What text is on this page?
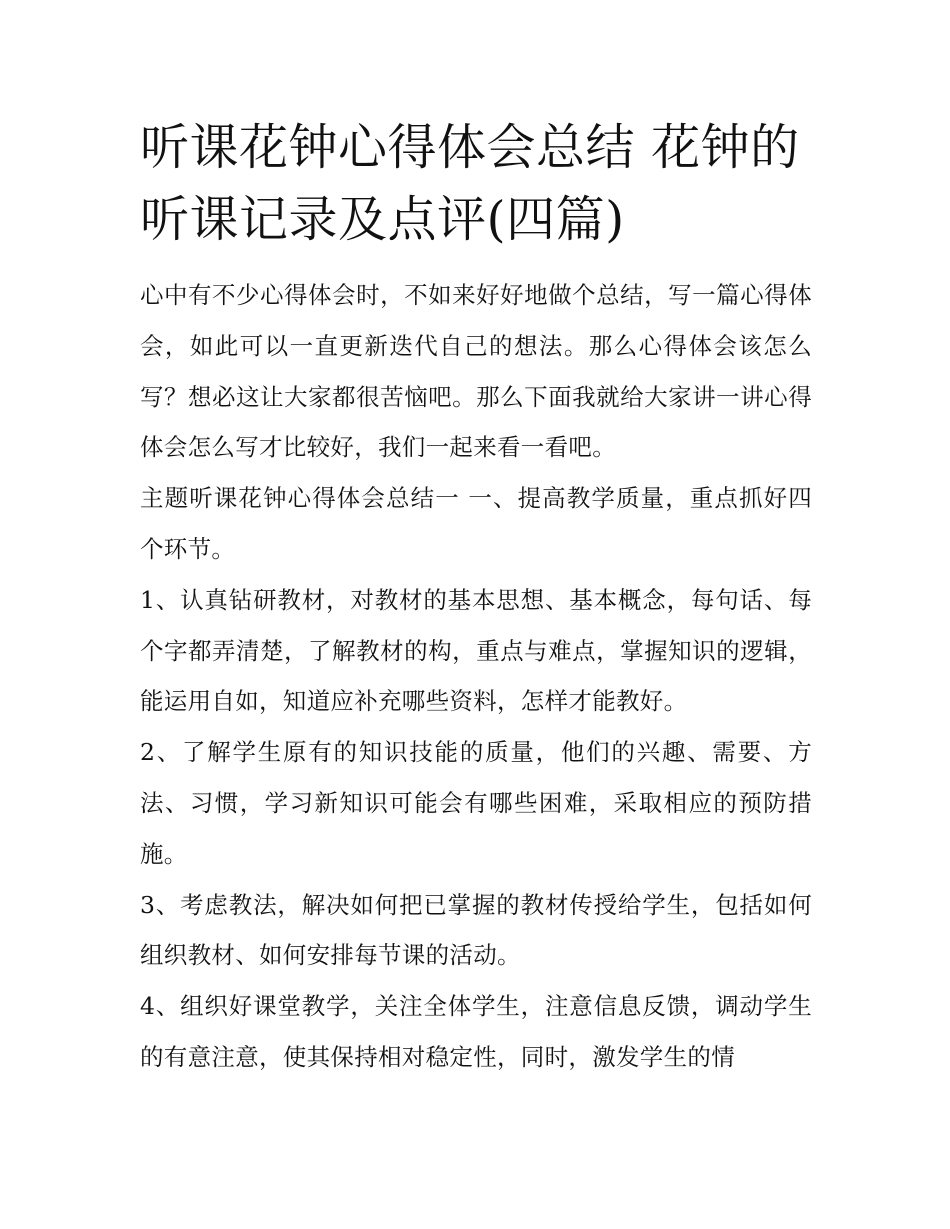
听课花钟心得体会总结 花钟的听课记录及点评(四篇)

心中有不少心得体会时，不如来好好地做个总结，写一篇心得体会，如此可以一直更新迭代自己的想法。那么心得体会该怎么写？想必这让大家都很苦恼吧。那么下面我就给大家讲一讲心得体会怎么写才比较好，我们一起来看一看吧。

主题听课花钟心得体会总结一 一、提高教学质量，重点抓好四个环节。

1、认真钻研教材，对教材的基本思想、基本概念，每句话、每个字都弄清楚，了解教材的构，重点与难点，掌握知识的逻辑，能运用自如，知道应补充哪些资料，怎样才能教好。

2、了解学生原有的知识技能的质量，他们的兴趣、需要、方法、习惯，学习新知识可能会有哪些困难，采取相应的预防措施。

3、考虑教法，解决如何把已掌握的教材传授给学生，包括如何组织教材、如何安排每节课的活动。

4、组织好课堂教学，关注全体学生，注意信息反馈，调动学生的有意注意，使其保持相对稳定性，同时，激发学生的情
